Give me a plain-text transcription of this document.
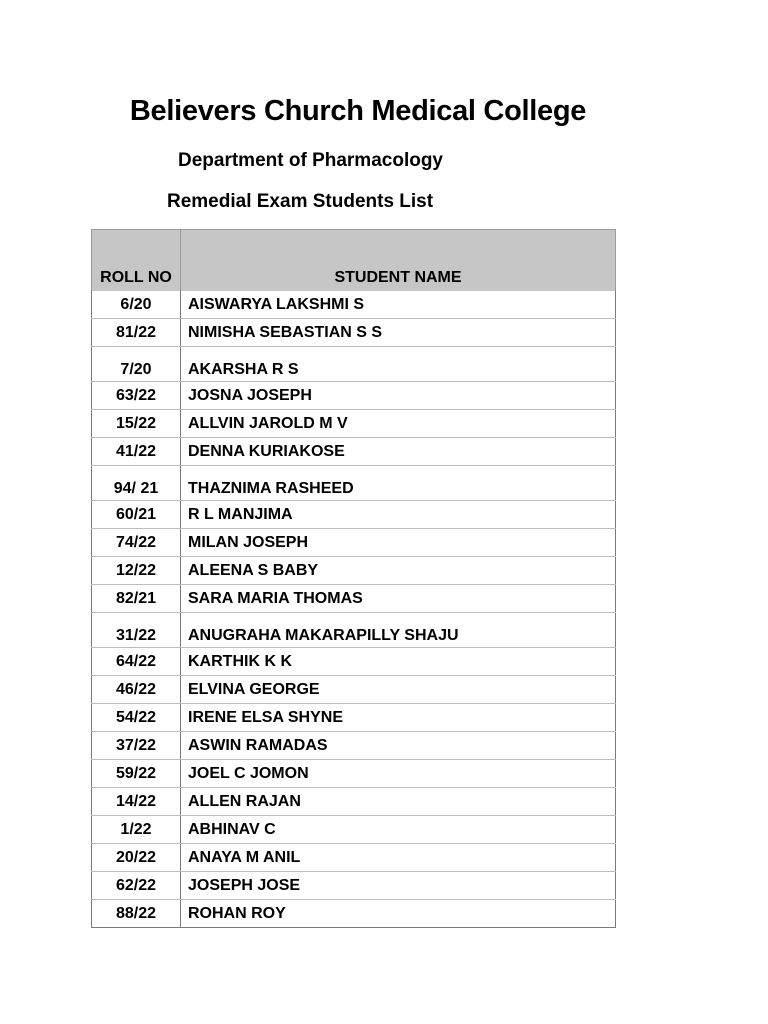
Believers Church Medical College
Department of Pharmacology
Remedial Exam Students List
ROLL NO	STUDENT NAME
6/20	AISWARYA LAKSHMI S
81/22	NIMISHA SEBASTIAN S S
7/20	AKARSHA R S
63/22	JOSNA JOSEPH
15/22	ALLVIN JAROLD M V
41/22	DENNA KURIAKOSE
94/ 21	THAZNIMA RASHEED
60/21	R L MANJIMA
74/22	MILAN JOSEPH
12/22	ALEENA S BABY
82/21	SARA MARIA THOMAS
31/22	ANUGRAHA MAKARAPILLY SHAJU
64/22	KARTHIK K K
46/22	ELVINA GEORGE
54/22	IRENE ELSA SHYNE
37/22	ASWIN RAMADAS
59/22	JOEL C JOMON
14/22	ALLEN RAJAN
1/22	ABHINAV C
20/22	ANAYA M ANIL
62/22	JOSEPH JOSE
88/22	ROHAN ROY
